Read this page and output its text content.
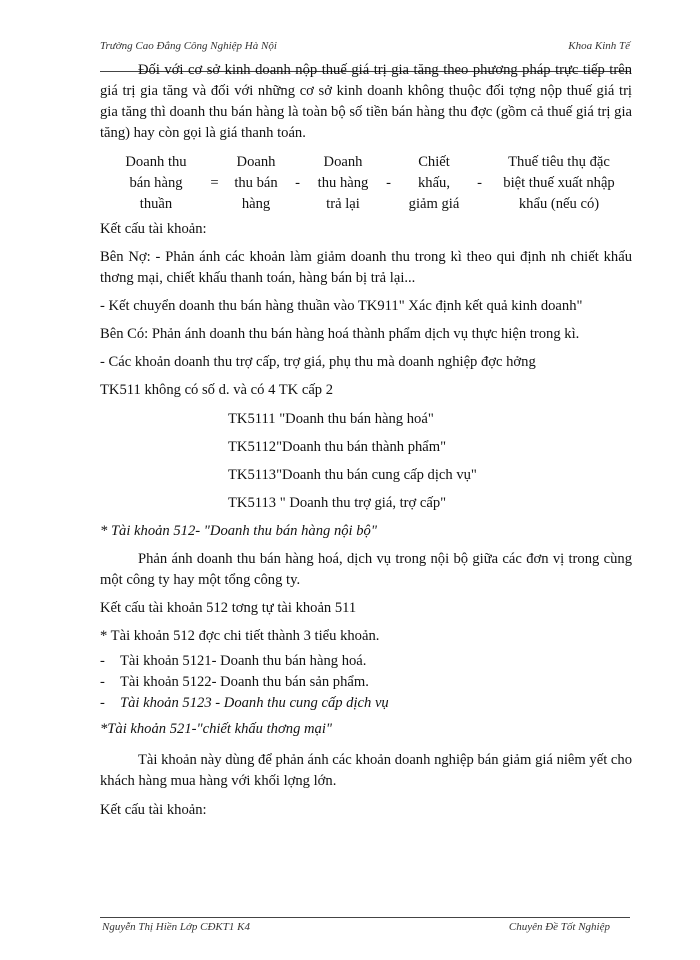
Trường Cao Đẳng Công Nghiệp Hà Nội	Khoa Kinh Tế

Đối với cơ sở kinh doanh nộp thuế giá trị gia tăng theo phương pháp trực tiếp trên giá trị gia tăng và đối với những cơ sở kinh doanh không thuộc đối tợng nộp thuế giá trị gia tăng thì doanh thu bán hàng là toàn bộ số tiền bán hàng thu đợc (gồm cả thuế giá trị gia tăng) hay còn gọi là giá thanh toán.

Doanh thu
bán hàng
thuần
=
Doanh
thu bán
hàng
-
Doanh
thu hàng
trả lại
-
Chiết
khấu,
giảm giá
-
Thuế tiêu thụ đặc
biệt thuế xuất nhập
khẩu (nếu có)

Kết cấu tài khoản:

Bên Nợ: - Phản ánh các khoản làm giảm doanh thu trong kì theo qui định nh chiết khấu thơng mại, chiết khấu thanh toán, hàng bán bị trả lại...

- Kết chuyển doanh thu bán hàng thuần vào TK911" Xác định kết quả kinh doanh"

Bên Có: Phản ánh doanh thu bán hàng hoá thành phẩm dịch vụ thực hiện trong kì.

- Các khoản doanh thu trợ cấp, trợ giá, phụ thu mà doanh nghiệp đợc hởng

TK511 không có số d. và có 4 TK cấp 2

TK5111 "Doanh thu bán hàng hoá"

TK5112"Doanh thu bán thành phẩm"

TK5113"Doanh thu bán cung cấp dịch vụ"

TK5113 " Doanh thu trợ giá, trợ cấp"

* Tài khoản 512- "Doanh thu bán hàng nội bộ"

Phản ánh doanh thu bán hàng hoá, dịch vụ trong nội bộ giữa các đơn vị trong cùng một công ty hay một tổng công ty.

Kết cấu tài khoản 512 tơng tự tài khoản 511

* Tài khoản 512 đợc chi tiết thành 3 tiểu khoản.

- Tài khoản 5121- Doanh thu bán hàng hoá.

- Tài khoản 5122- Doanh thu bán sản phẩm.

- Tài khoản 5123 - Doanh thu cung cấp dịch vụ

*Tài khoản 521-"chiết khấu thơng mại"

Tài khoản này dùng để phản ánh các khoản doanh nghiệp bán giảm giá niêm yết cho khách hàng mua hàng với khối lợng lớn.

Kết cấu tài khoản:

Nguyễn Thị Hiền Lớp CĐKT1 K4	Chuyên Đề Tốt Nghiệp
